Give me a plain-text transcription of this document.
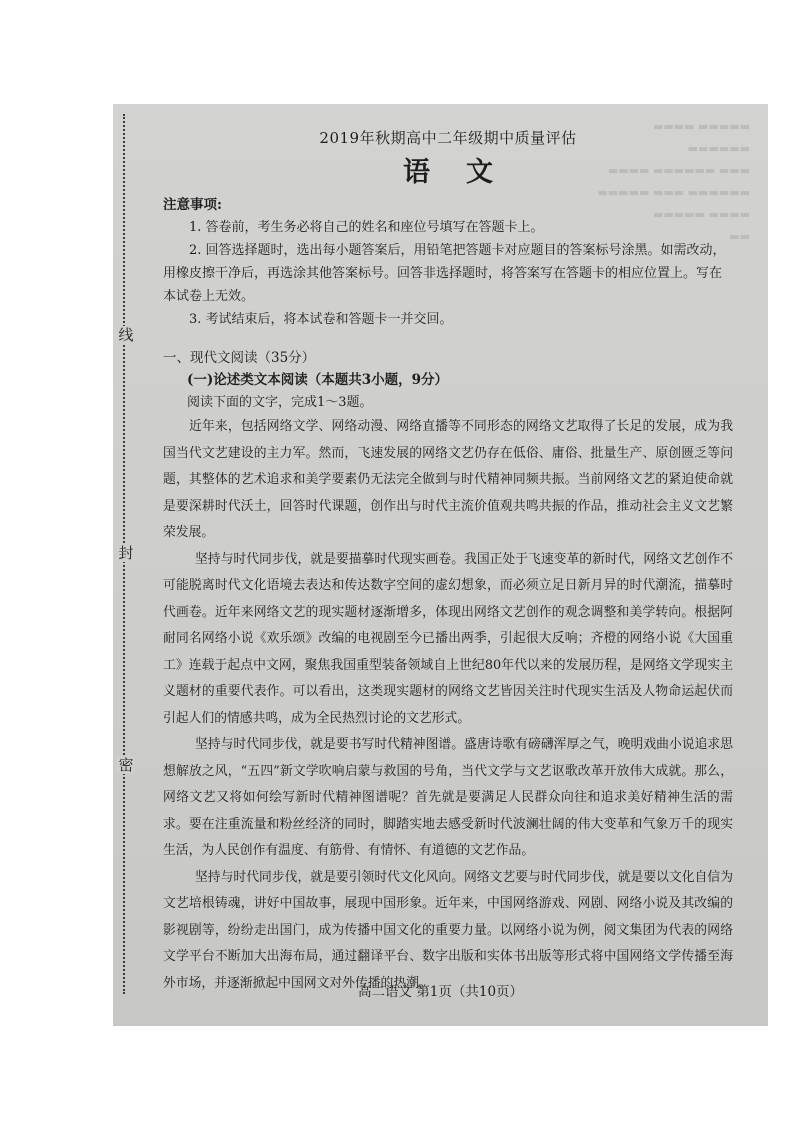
线
封
密
▬▬▬▬▬ ▬▬▬▬ ▬▬▬▬▬▬
▬▬▬ ▬▬▬▬▬▬ ▬▬▬▬
▬▬▬▬▬▬ ▬▬▬ ▬▬▬▬▬
▬▬▬▬ ▬▬▬▬▬
▬▬
2019年秋期高中二年级期中质量评估
语文
注意事项:

1. 答卷前，考生务必将自己的姓名和座位号填写在答题卡上。

2. 回答选择题时，选出每小题答案后，用铅笔把答题卡对应题目的答案标号涂黑。如需改动，用橡皮擦干净后，再选涂其他答案标号。回答非选择题时，将答案写在答题卡的相应位置上。写在本试卷上无效。

3. 考试结束后，将本试卷和答题卡一并交回。

一、现代文阅读（35分）
(一)论述类文本阅读（本题共3小题，9分）
阅读下面的文字，完成1～3题。

近年来，包括网络文学、网络动漫、网络直播等不同形态的网络文艺取得了长足的发展，成为我国当代文艺建设的主力军。然而，飞速发展的网络文艺仍存在低俗、庸俗、批量生产、原创匮乏等问题，其整体的艺术追求和美学要素仍无法完全做到与时代精神同频共振。当前网络文艺的紧迫使命就是要深耕时代沃土，回答时代课题，创作出与时代主流价值观共鸣共振的作品，推动社会主义文艺繁荣发展。

坚持与时代同步伐，就是要描摹时代现实画卷。我国正处于飞速变革的新时代，网络文艺创作不可能脱离时代文化语境去表达和传达数字空间的虚幻想象，而必须立足日新月异的时代潮流，描摹时代画卷。近年来网络文艺的现实题材逐渐增多，体现出网络文艺创作的观念调整和美学转向。根据阿耐同名网络小说《欢乐颂》改编的电视剧至今已播出两季，引起很大反响；齐橙的网络小说《大国重工》连载于起点中文网，聚焦我国重型装备领域自上世纪80年代以来的发展历程，是网络文学现实主义题材的重要代表作。可以看出，这类现实题材的网络文艺皆因关注时代现实生活及人物命运起伏而引起人们的情感共鸣，成为全民热烈讨论的文艺形式。

坚持与时代同步伐，就是要书写时代精神图谱。盛唐诗歌有磅礴浑厚之气，晚明戏曲小说追求思想解放之风，“五四”新文学吹响启蒙与救国的号角，当代文学与文艺讴歌改革开放伟大成就。那么，网络文艺又将如何绘写新时代精神图谱呢？首先就是要满足人民群众向往和追求美好精神生活的需求。要在注重流量和粉丝经济的同时，脚踏实地去感受新时代波澜壮阔的伟大变革和气象万千的现实生活，为人民创作有温度、有筋骨、有情怀、有道德的文艺作品。

坚持与时代同步伐，就是要引领时代文化风向。网络文艺要与时代同步伐，就是要以文化自信为文艺培根铸魂，讲好中国故事，展现中国形象。近年来，中国网络游戏、网剧、网络小说及其改编的影视剧等，纷纷走出国门，成为传播中国文化的重要力量。以网络小说为例，阅文集团为代表的网络文学平台不断加大出海布局，通过翻译平台、数字出版和实体书出版等形式将中国网络文学传播至海外市场，并逐渐掀起中国网文对外传播的热潮。

高二语文 第1页（共10页）
